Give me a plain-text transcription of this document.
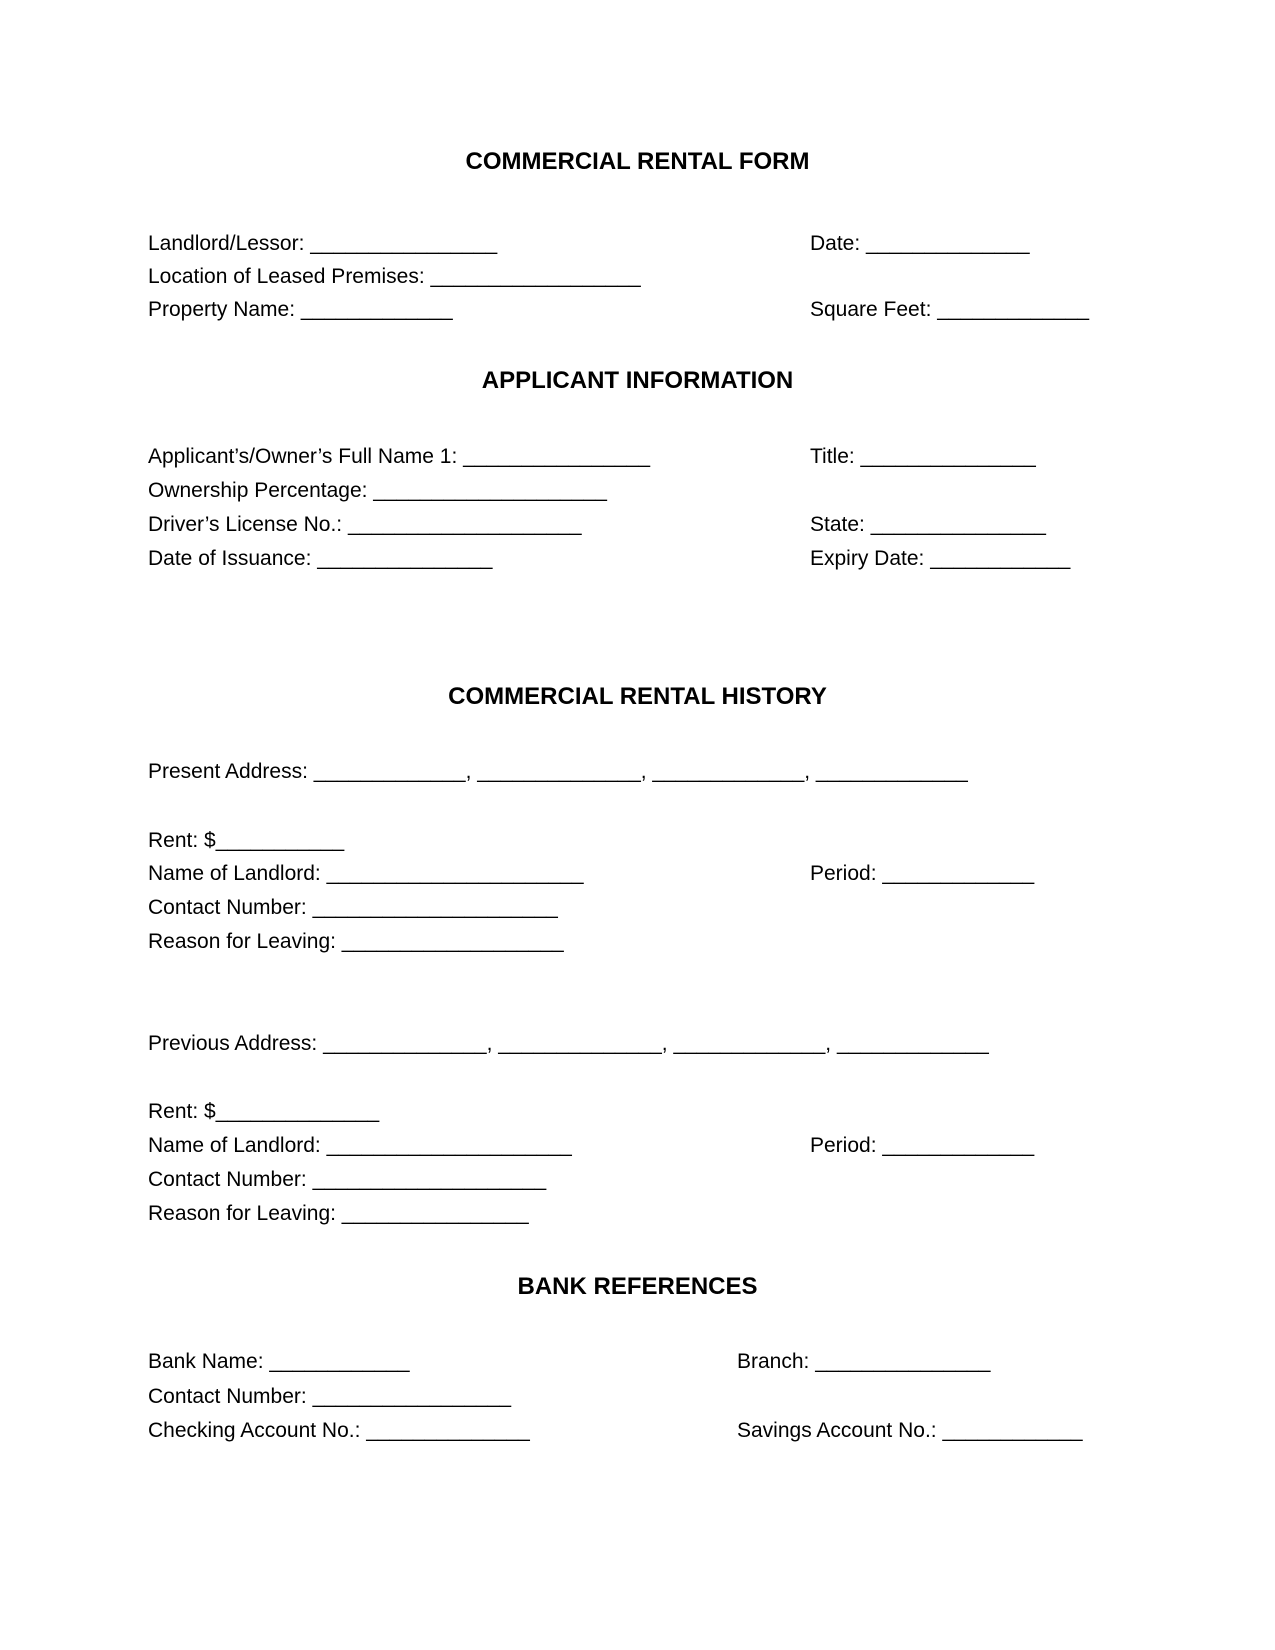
COMMERCIAL RENTAL FORM
Landlord/Lessor: ________________	Date: ______________
Location of Leased Premises: __________________
Property Name: _____________	Square Feet: _____________
APPLICANT INFORMATION
Applicant’s/Owner’s Full Name 1: ________________	Title: _______________
Ownership Percentage: ____________________
Driver’s License No.: ____________________	State: _______________
Date of Issuance: _______________	Expiry Date: ____________
COMMERCIAL RENTAL HISTORY
Present Address: _____________, ______________, _____________, _____________
Rent: $___________
Name of Landlord: ______________________	Period: _____________
Contact Number: _____________________
Reason for Leaving: ___________________
Previous Address: ______________, ______________, _____________, _____________
Rent: $______________
Name of Landlord: _____________________	Period: _____________
Contact Number: ____________________
Reason for Leaving: ________________
BANK REFERENCES
Bank Name: ____________	Branch: _______________
Contact Number: _________________
Checking Account No.: ______________	Savings Account No.: ____________
